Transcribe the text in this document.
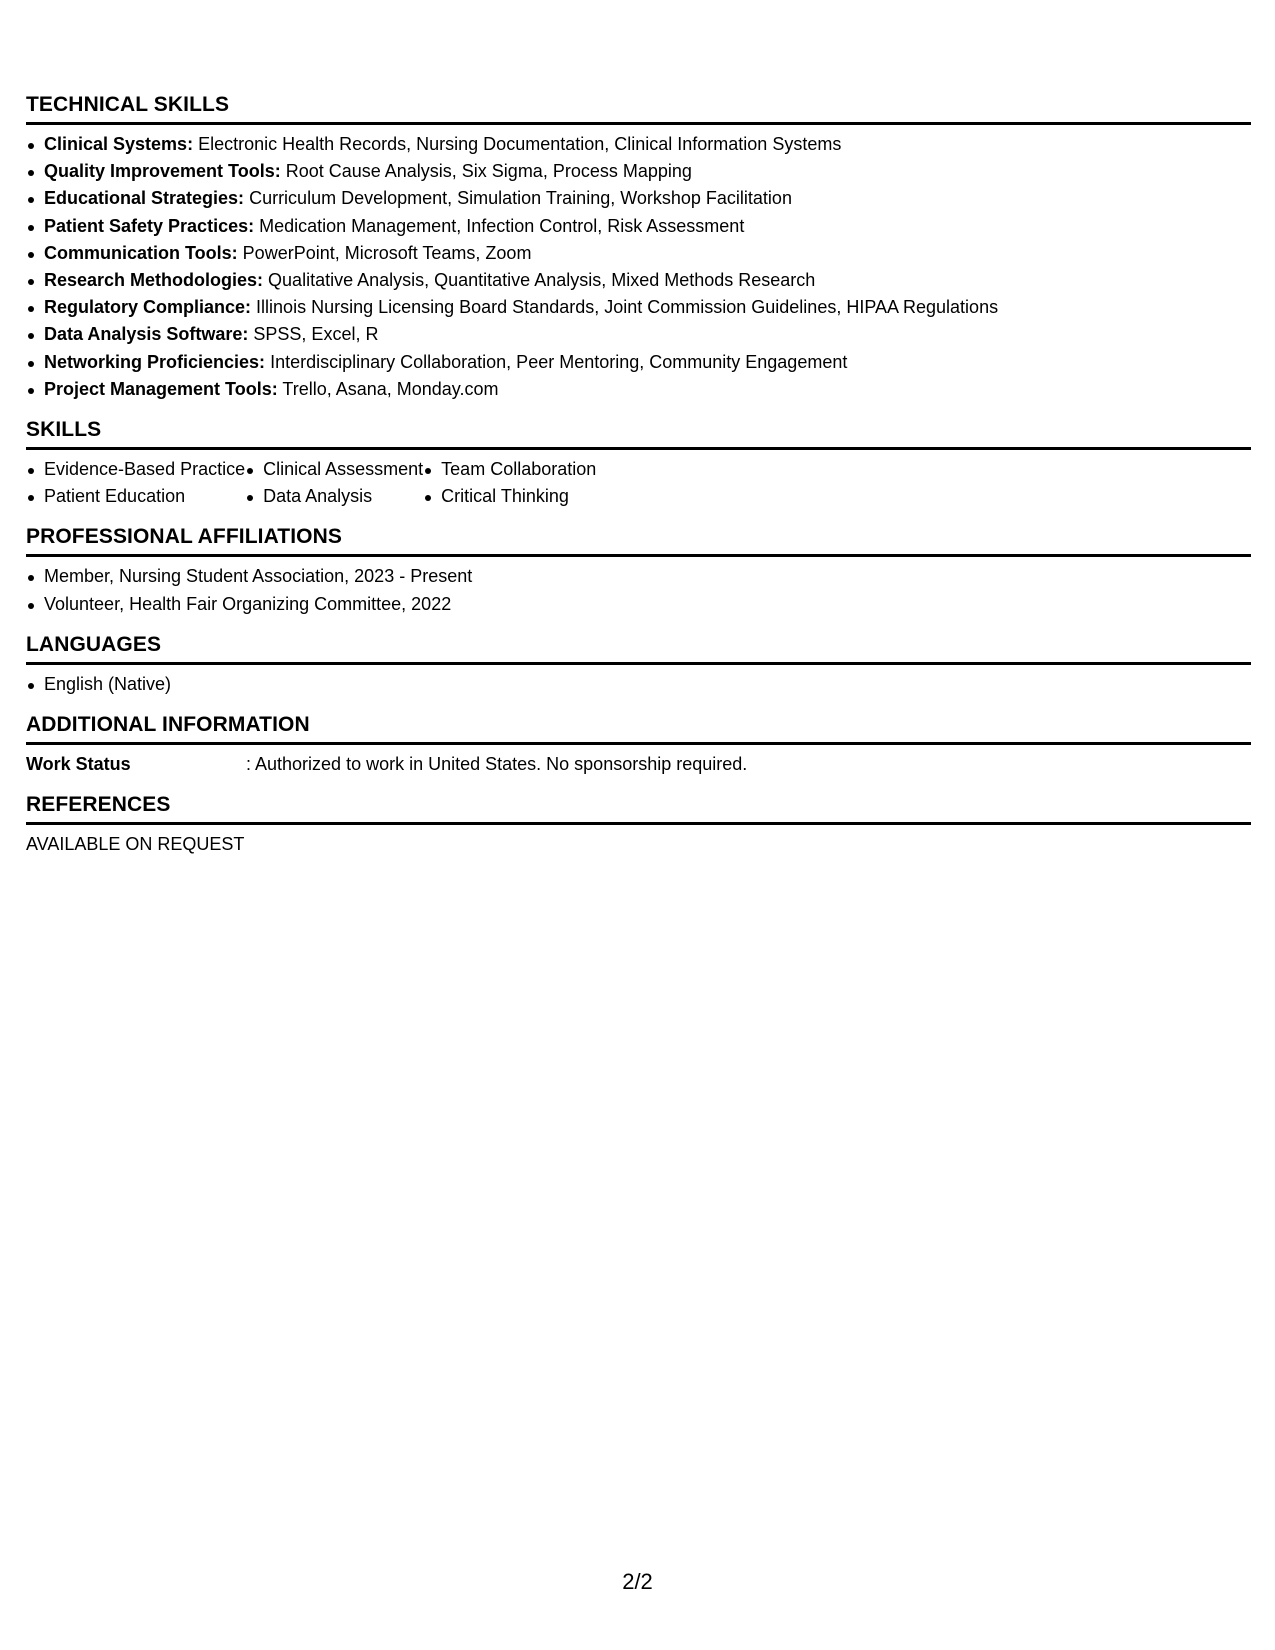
TECHNICAL SKILLS
Clinical Systems: Electronic Health Records, Nursing Documentation, Clinical Information Systems
Quality Improvement Tools: Root Cause Analysis, Six Sigma, Process Mapping
Educational Strategies: Curriculum Development, Simulation Training, Workshop Facilitation
Patient Safety Practices: Medication Management, Infection Control, Risk Assessment
Communication Tools: PowerPoint, Microsoft Teams, Zoom
Research Methodologies: Qualitative Analysis, Quantitative Analysis, Mixed Methods Research
Regulatory Compliance: Illinois Nursing Licensing Board Standards, Joint Commission Guidelines, HIPAA Regulations
Data Analysis Software: SPSS, Excel, R
Networking Proficiencies: Interdisciplinary Collaboration, Peer Mentoring, Community Engagement
Project Management Tools: Trello, Asana, Monday.com
SKILLS
Evidence-Based Practice
Patient Education
Clinical Assessment
Data Analysis
Team Collaboration
Critical Thinking
PROFESSIONAL AFFILIATIONS
Member, Nursing Student Association, 2023 - Present
Volunteer, Health Fair Organizing Committee, 2022
LANGUAGES
English (Native)
ADDITIONAL INFORMATION
Work Status	: Authorized to work in United States. No sponsorship required.
REFERENCES
AVAILABLE ON REQUEST
2/2
